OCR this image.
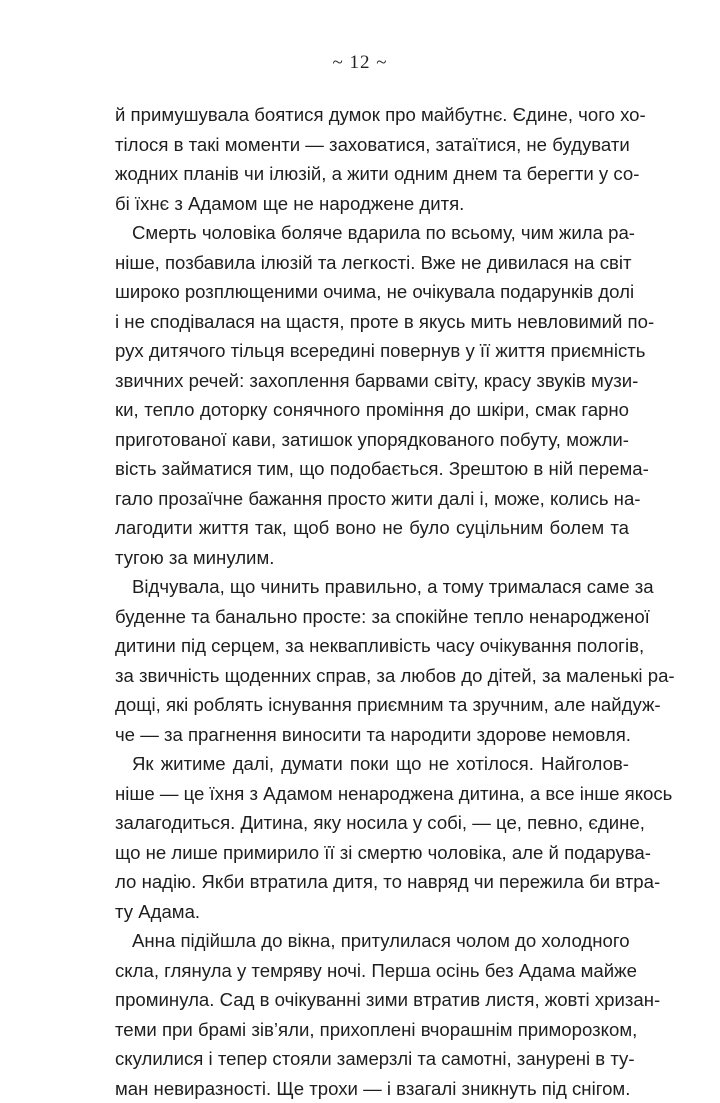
~ 12 ~

й примушувала боятися думок про майбутнє. Єдине, чого хо-
тілося в такі моменти — заховатися, затаїтися, не будувати
жодних планів чи ілюзій, а жити одним днем та берегти у со-
бі їхнє з Адамом ще не народжене дитя.

Смерть чоловіка боляче вдарила по всьому, чим жила ра-
ніше, позбавила ілюзій та легкості. Вже не дивилася на світ
широко розплющеними очима, не очікувала подарунків долі
і не сподівалася на щастя, проте в якусь мить невловимий по-
рух дитячого тільця всередині повернув у її життя приємність
звичних речей: захоплення барвами світу, красу звуків музи-
ки, тепло доторку сонячного проміння до шкіри, смак гарно
приготованої кави, затишок упорядкованого побуту, можли-
вість займатися тим, що подобається. Зрештою в ній перема-
гало прозаїчне бажання просто жити далі і, може, колись на-
лагодити життя так, щоб воно не було суцільним болем та
тугою за минулим.

Відчувала, що чинить правильно, а тому трималася саме за
буденне та банально просте: за спокійне тепло ненародженої
дитини під серцем, за неквапливість часу очікування пологів,
за звичність щоденних справ, за любов до дітей, за маленькі ра-
дощі, які роблять існування приємним та зручним, але найдуж-
че — за прагнення виносити та народити здорове немовля.

Як житиме далі, думати поки що не хотілося. Найголов-
ніше — це їхня з Адамом ненароджена дитина, а все інше якось
залагодиться. Дитина, яку носила у собі, — це, певно, єдине,
що не лише примирило її зі смертю чоловіка, але й подарува-
ло надію. Якби втратила дитя, то навряд чи пережила би втра-
ту Адама.

Анна підійшла до вікна, притулилася чолом до холодного
скла, глянула у темряву ночі. Перша осінь без Адама майже
проминула. Сад в очікуванні зими втратив листя, жовті хризан-
теми при брамі зів’яли, прихоплені вчорашнім приморозком,
скулилися і тепер стояли замерзлі та самотні, занурені в ту-
ман невиразності. Ще трохи — і взагалі зникнуть під снігом.
